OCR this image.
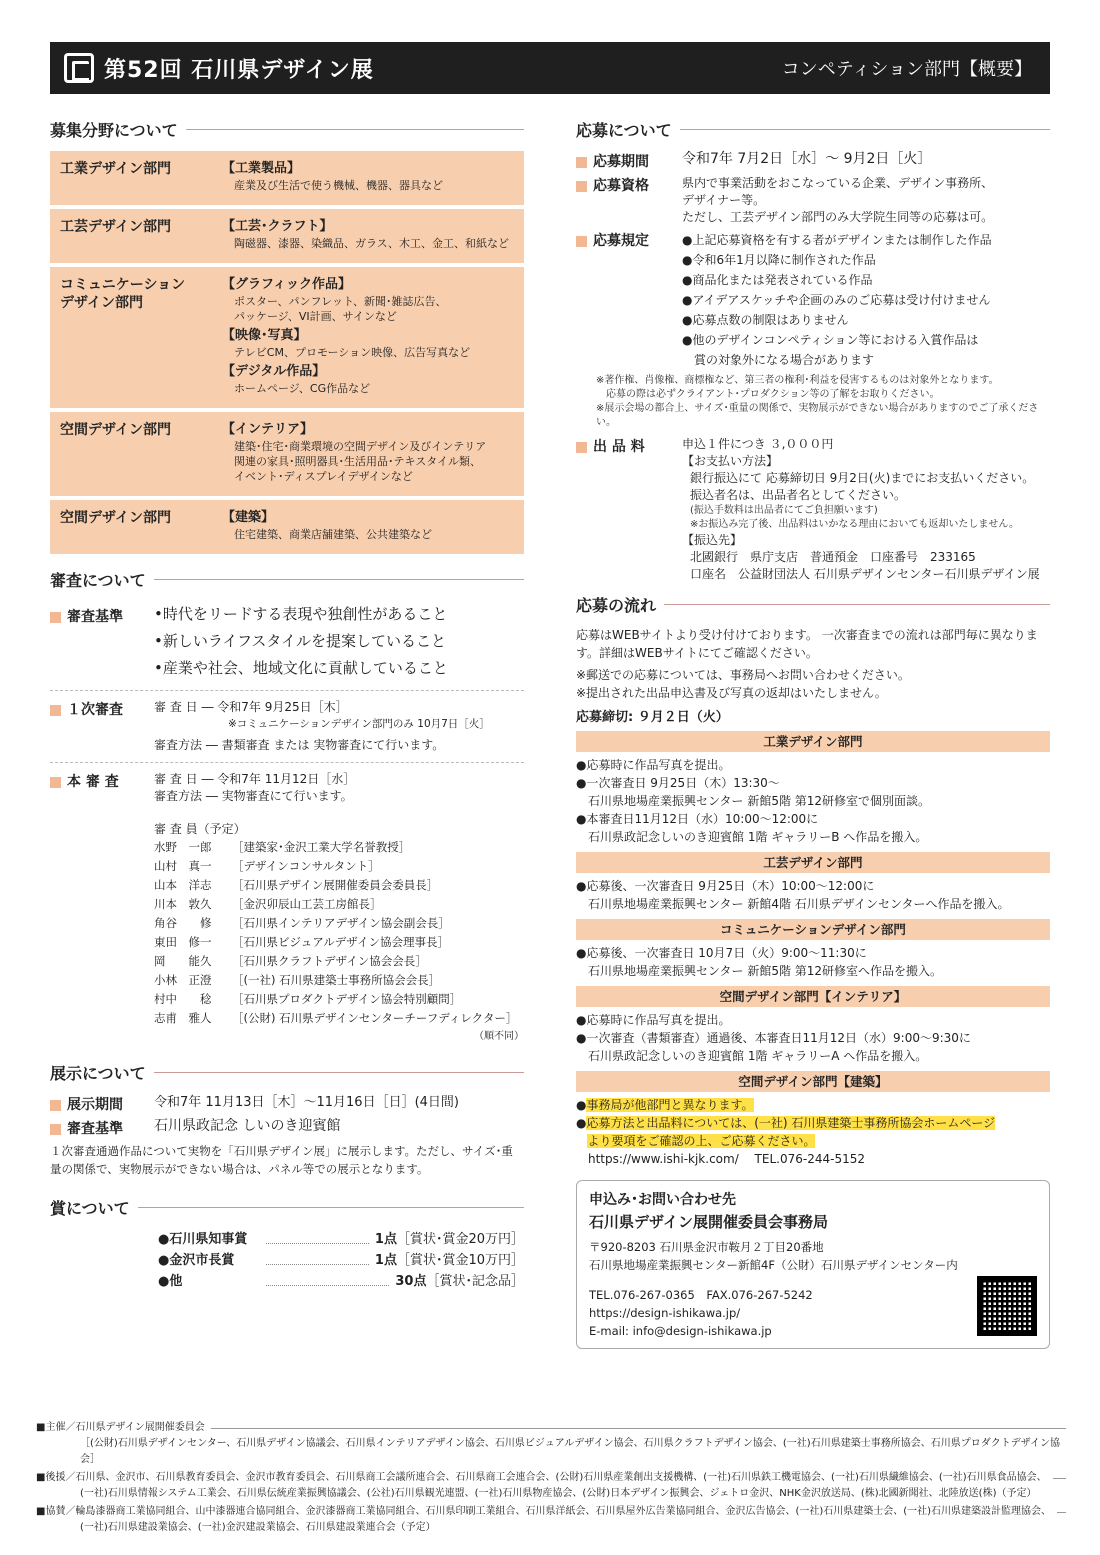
第52回 石川県デザイン展	コンペティション部門【概要】
募集分野について
工業デザイン部門	【工業製品】
産業及び生活で使う機械、機器、器具など
工芸デザイン部門	【工芸･クラフト】
陶磁器、漆器、染織品、ガラス、木工、金工、和紙など
コミュニケーション
デザイン部門
【グラフィック作品】
ポスター、パンフレット、新聞･雑誌広告、
パッケージ、VI計画、サインなど
【映像･写真】
テレビCM、プロモーション映像、広告写真など
【デジタル作品】
ホームページ、CG作品など
空間デザイン部門	【インテリア】
建築･住宅･商業環境の空間デザイン及びインテリア
関連の家具･照明器具･生活用品･テキスタイル類、
イベント･ディスプレイデザインなど
空間デザイン部門	【建築】
住宅建築、商業店舗建築、公共建築など
審査について
審査基準	•時代をリードする表現や独創性があること
•新しいライフスタイルを提案していること
•産業や社会、地域文化に貢献していること
１次審査	審 査 日 ― 令和7年 9月25日［木］
※コミュニケーションデザイン部門のみ 10月7日［火］
審査方法 ― 書類審査 または 実物審査にて行います。
本 審 査	審 査 日 ― 令和7年 11月12日［水］
審査方法 ― 実物審査にて行います。
審 査 員（予定）
水野　一郎	［建築家･金沢工業大学名誉教授］
山村　真一	［デザインコンサルタント］
山本　洋志	［石川県デザイン展開催委員会委員長］
川本　敦久	［金沢卯辰山工芸工房館長］
角谷　　修	［石川県インテリアデザイン協会副会長］
東田　修一	［石川県ビジュアルデザイン協会理事長］
岡　　能久	［石川県クラフトデザイン協会会長］
小林　正澄	［(一社) 石川県建築士事務所協会会長］
村中　　稔	［石川県プロダクトデザイン協会特別顧問］
志甫　雅人	［(公財) 石川県デザインセンターチーフディレクター］
（順不同）
展示について
展示期間	令和7年 11月13日［木］～11月16日［日］(4日間)
審査基準	石川県政記念 しいのき迎賓館
１次審査通過作品について実物を「石川県デザイン展」に展示します。ただし、サイズ･重量の関係で、実物展示ができない場合は、パネル等での展示となります。
賞について
●石川県知事賞	1点 ［賞状･賞金20万円］
●金沢市長賞	1点 ［賞状･賞金10万円］
●他	30点 ［賞状･記念品］
応募について
応募期間	令和7年 7月2日［水］～ 9月2日［火］
応募資格	県内で事業活動をおこなっている企業、デザイン事務所、
デザイナー等。
ただし、工芸デザイン部門のみ大学院生同等の応募は可。
応募規定	●上記応募資格を有する者がデザインまたは制作した作品
●令和6年1月以降に制作された作品
●商品化または発表されている作品
●アイデアスケッチや企画のみのご応募は受け付けません
●応募点数の制限はありません
●他のデザインコンペティション等における入賞作品は
　賞の対象外になる場合があります
※著作権、肖像権、商標権など、第三者の権利･利益を侵害するものは対象外となります。
　応募の際は必ずクライアント･プロダクション等の了解をお取りください。
※展示会場の都合上、サイズ･重量の関係で、実物展示ができない場合がありますのでご了承ください。
出 品 料	申込１件につき ３,０００円
【お支払い方法】
銀行振込にて 応募締切日 9月2日(火)までにお支払いください。
振込者名は、出品者名としてください。
(振込手数料は出品者にてご負担願います)
※お振込み完了後、出品料はいかなる理由においても返却いたしません。
【振込先】
北國銀行　県庁支店　普通預金　口座番号　233165
口座名　公益財団法人 石川県デザインセンター石川県デザイン展
応募の流れ
応募はWEBサイトより受け付けております。 一次審査までの流れは部門毎に異なります。詳細はWEBサイトにてご確認ください。
※郵送での応募については、事務局へお問い合わせください。
※提出された出品申込書及び写真の返却はいたしません。
応募締切: ９月２日（火）
工業デザイン部門
●応募時に作品写真を提出。
●一次審査日 9月25日（木）13:30～
　石川県地場産業振興センター 新館5階 第12研修室で個別面談。
●本審査日11月12日（水）10:00～12:00に
　石川県政記念しいのき迎賓館 1階 ギャラリーB へ作品を搬入。
工芸デザイン部門
●応募後、一次審査日 9月25日（木）10:00～12:00に
　石川県地場産業振興センター 新館4階 石川県デザインセンターへ作品を搬入。
コミュニケーションデザイン部門
●応募後、一次審査日 10月7日（火）9:00～11:30に
　石川県地場産業振興センター 新館5階 第12研修室へ作品を搬入。
空間デザイン部門【インテリア】
●応募時に作品写真を提出。
●一次審査（書類審査）通過後、本審査日11月12日（水）9:00～9:30に
　石川県政記念しいのき迎賓館 1階 ギャラリーA へ作品を搬入。
空間デザイン部門【建築】
●事務局が他部門と異なります。
●応募方法と出品料については、(一社) 石川県建築士事務所協会ホームページ
より要項をご確認の上、ご応募ください。
https://www.ishi-kjk.com/　 TEL.076-244-5152
申込み･お問い合わせ先
石川県デザイン展開催委員会事務局
〒920-8203 石川県金沢市鞍月２丁目20番地
石川県地場産業振興センター新館4F（公財）石川県デザインセンター内
TEL.076-267-0365　FAX.076-267-5242
https://design-ishikawa.jp/
E-mail: info@design-ishikawa.jp
■主催／石川県デザイン展開催委員会
［(公財)石川県デザインセンター、石川県デザイン協議会、石川県インテリアデザイン協会、石川県ビジュアルデザイン協会、石川県クラフトデザイン協会、(一社)石川県建築士事務所協会、石川県プロダクトデザイン協会］
■後援／石川県、金沢市、石川県教育委員会、金沢市教育委員会、石川県商工会議所連合会、石川県商工会連合会、(公財)石川県産業創出支援機構、(一社)石川県鉄工機電協会、(一社)石川県繊維協会、(一社)石川県食品協会、
(一社)石川県情報システム工業会、石川県伝統産業振興協議会、(公社)石川県観光連盟、(一社)石川県物産協会、(公財)日本デザイン振興会、ジェトロ金沢、NHK金沢放送局、(株)北國新聞社、北陸放送(株)（予定）
■協賛／輪島漆器商工業協同組合、山中漆器連合協同組合、金沢漆器商工業協同組合、石川県印刷工業組合、石川県洋紙会、石川県屋外広告業協同組合、金沢広告協会、(一社)石川県建築士会、(一社)石川県建築設計監理協会、
(一社)石川県建設業協会、(一社)金沢建設業協会、石川県建設業連合会（予定）
